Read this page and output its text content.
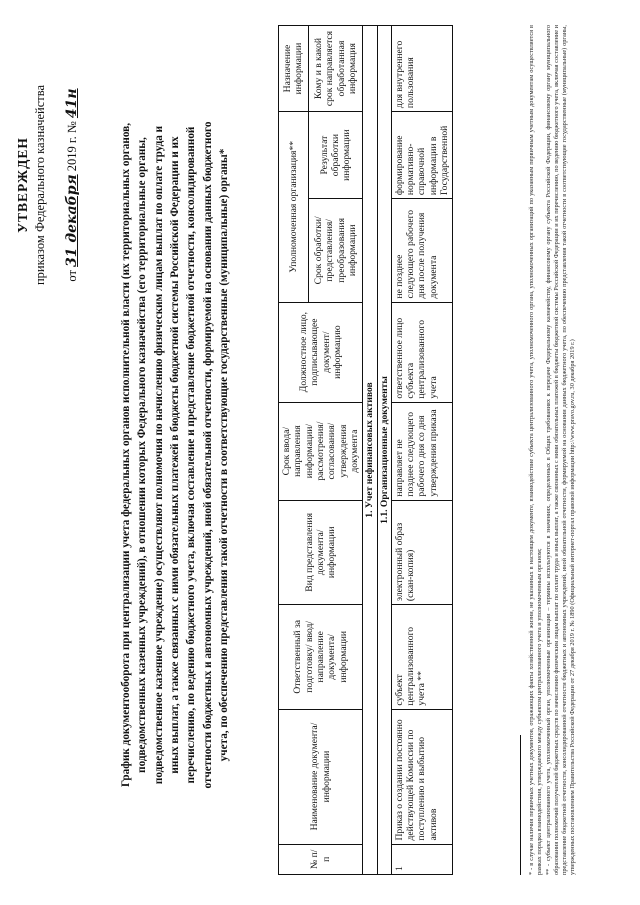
УТВЕРЖДЕН приказом Федерального казначейства от 31 декабря 2019 г. № 41н
График документооборота при централизации учета федеральных органов исполнительной власти (их территориальных органов, подведомственных казенных учреждений), в отношении которых Федерального казначейства (его территориальные органы, подведомственное казенное учреждение) осуществляют полномочия по начислению физическим лицам выплат по оплате труда и иных выплат, а также связанных с ними обязательных платежей в бюджеты бюджетной системы Российской Федерации и их перечислению, по ведению бюджетного учета, включая составление и представление бюджетной отчетности, консолидированной отчетности бюджетных и автономных учреждений, иной обязательной отчетности, формируемой на основании данных бюджетного учета, по обеспечению представления такой отчетности в соответствующие государственные (муниципальные) органы*
№ п/п	Наименование документа/информации	Ответственный за подготовку/ ввод/ направление документа/ информации	Вид представления документа/ информации	Срок ввода/ направления информации/ рассмотрения/ согласования/ утверждения документа	Должностное лицо, подписывающее документ/ информацию	Уполномоченная организация**		Назначение информации
						Срок обработки/ представления/ преобразования информации	Результат обработки информации	Кому и в какой срок направляется обработанная информация
1. Учет нефинансовых активов								
1.1. Организационные документы								
1	Приказ о создании постоянно действующей Комиссии по поступлению и выбытию активов	субъект централизованного учета **	электронный образ (скан-копия)	направляет не позднее следующего рабочего дня со дня утверждения приказа	ответственное лицо субъекта централизованного учета	не позднее следующего рабочего дня после получения документа	формирование нормативно-справочной информации в Государственной	для внутреннего пользования	* - в случае наличия первичных учетных документов, отражающих факты хозяйственной жизни, не указанных в настоящем документе, взаимодействие субъекта централизованного учета, уполномоченного органа, уполномоченных организаций по указанным первичным учетным документам осуществляется в рамках порядка взаимодействия, утверждаемого между субъектом централизованного учета и уполномоченным органом; ** - субъект централизованного учета, уполномоченный орган, уполномоченные организации – термины используются в значениях, определенных в Общих требованиях к передаче Федеральному казначейству, финансовому органу субъекта Российской Федерации, финансовому органу муниципального образования полномочий получателей бюджетных средств по начислению физическим лицам выплат по оплате труда и иных выплат, а также связанных с ними обязательных платежей в бюджеты бюджетной системы Российской Федерации и их перечислению, по ведению бюджетного учета, включая составление и представление бюджетной отчетности, консолидированной отчетности бюджетных и автономных учреждений, иной обязательной отчетности, формируемой на основании данных бюджетного учета, по обеспечению представления такой отчетности в соответствующие государственные (муниципальные) органы, утвержденных постановлением Правительства Российской Федерации от 27 декабря 2019 г. № 1890 (Официальный интернет-портал правовой информации http://www.pravo.gov.ru, 30 декабря 2019 г.)
